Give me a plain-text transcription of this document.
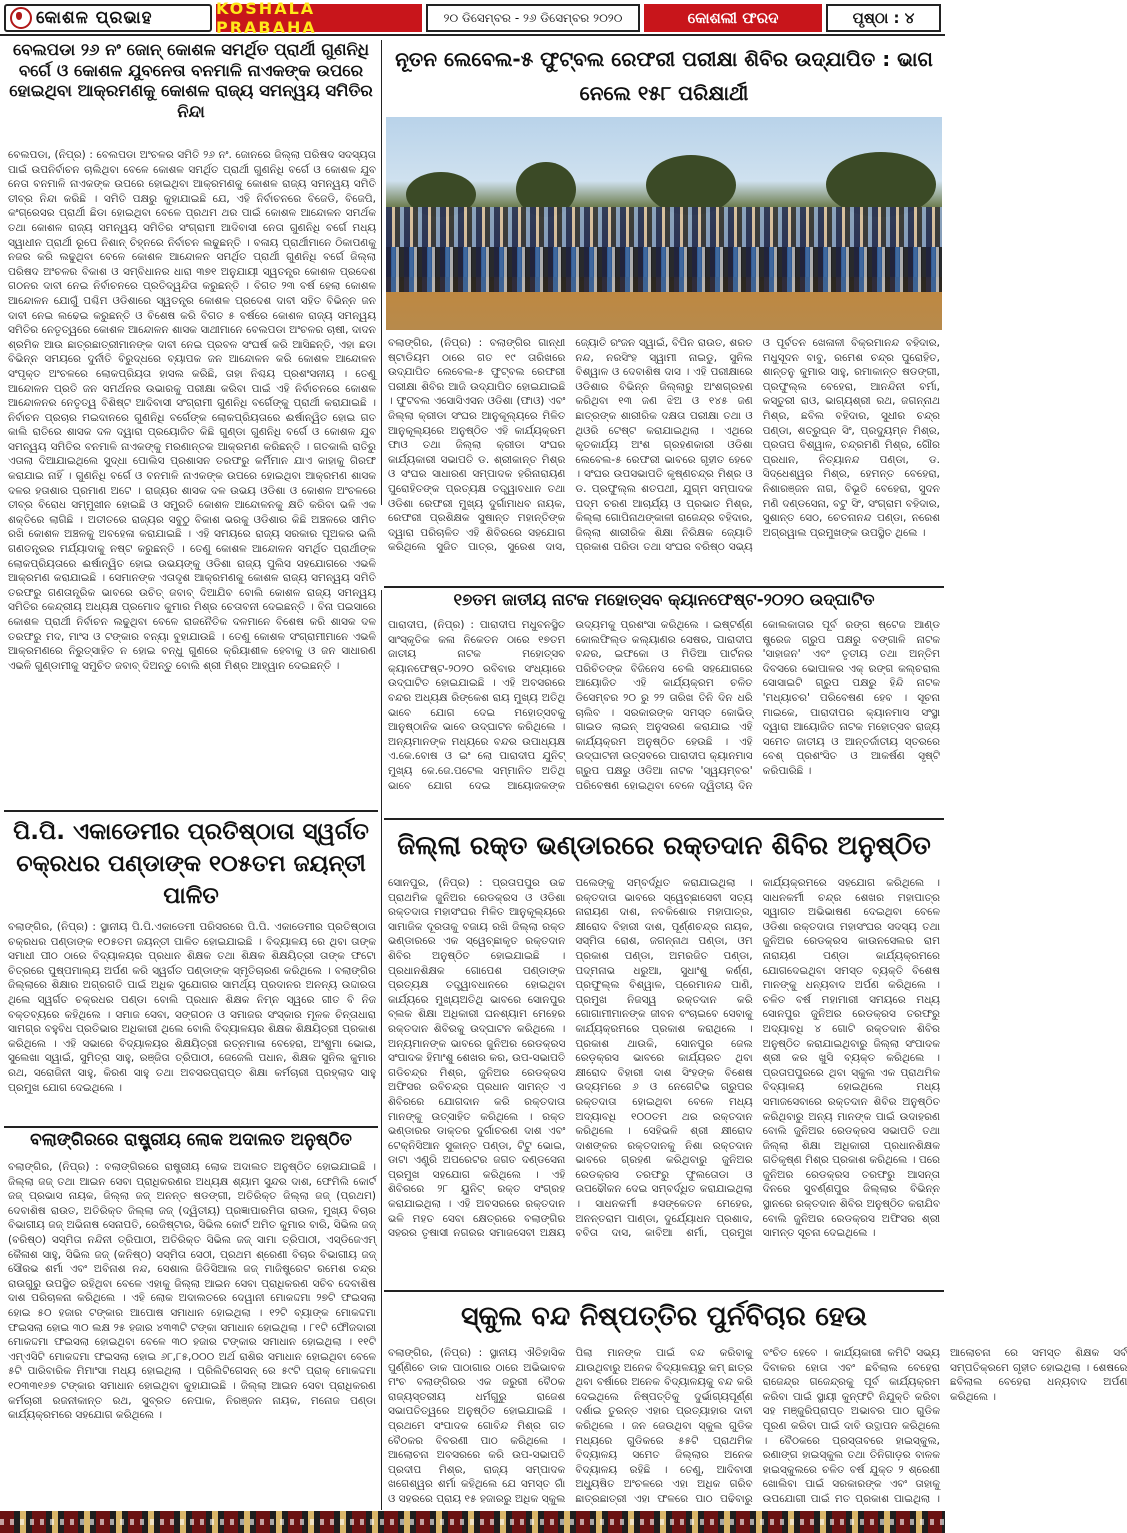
କୋଶଳ ପ୍ରଭାହ	KOSHALA PRABAHA
୨୦ ଡିସେମ୍ବର - ୨୬ ଡିସେମ୍ବର ୨୦୨୦	କୋଶଲୀ ଫରଦ	ପୃଷ୍ଠା : ୪
ବେଲପଡା ୨୬ ନଂ ଜୋନ୍ କୋଶଳ ସମର୍ଥିତ ପ୍ରାର୍ଥୀ ଗୁଣନିଧି ବର୍ଗେ ଓ କୋଶଳ ଯୁବନେତା ବନମାଳି ନାଏକଙ୍କ ଉପରେ ହୋଇଥିବା ଆକ୍ରମଣକୁ କୋଶଳ ରାଜ୍ୟ ସମନ୍ୱୟ ସମିତିର ନିନ୍ଦା
ବେଲପଡା, (ନିପ୍ର) : ବେଲପଡା ଅଂଚଳର ସମିତି ୨୬ ନଂ. ଜୋନରେ ଜିଲ୍ଲା ପରିଷଦ ସଦସ୍ୟତା ପାଇଁ ଉପନିର୍ବାଚନ ଚାଲିଥିବା ବେଳେ କୋଶଳ ସମର୍ଥିତ ପ୍ରାର୍ଥୀ ଗୁଣନିଧି ବର୍ଗେ ଓ କୋଶଳ ଯୁବ ନେତା ବନମାଳି ନାଏକଙ୍କ ଉପରେ ହୋଇଥିବା ଆକ୍ରମଣକୁ କୋଶଳ ରାଜ୍ୟ ସମନ୍ୱୟ ସମିତି ତୀବ୍ର ନିନ୍ଦା କରିଛି । ସମିତି ପକ୍ଷରୁ କୁହାଯାଇଛି ଯେ, ଏହି ନିର୍ବାଚନରେ ବିଜେଡି, ବିଜେପି, କଂଗ୍ରେସର ପ୍ରାର୍ଥୀ ଛିଡା ହୋଇଥିବା ବେଳେ ପ୍ରଥମ ଥର ପାଇଁ କୋଶଳ ଆନ୍ଦୋଳନ ସମର୍ଥକ ତଥା କୋଶଳ ରାଜ୍ୟ ସମନ୍ୱୟ ସମିତିର ସଂଗ୍ରାମୀ ଆଦିବାସୀ ନେତା ଗୁଣନିଧି ବର୍ଗେ ମଧ୍ୟ ସ୍ୱାଧୀନ ପ୍ରାର୍ଥୀ ରୂପେ ନିଶାନ୍ ଚିହ୍ନରେ ନିର୍ବାଚନ ଲଢୁଛନ୍ତି । ବଳାୟ ପ୍ରାର୍ଥୀମାନେ ଠିକାପଣକୁ ନଜର କରି ଲଢୁଥିବା ବେଳେ କୋଶଳ ଆନ୍ଦୋଳନ ସମର୍ଥିତ ପ୍ରାର୍ଥୀ ଗୁଣନିଧି ବର୍ଗେ ଜିଲ୍ଲା ପରିଷଦ ଅଂଚଳର ବିକାଶ ଓ ସମ୍ବିଧାନର ଧାରା ୩୭୧ ଅନୁଯାୟୀ ସ୍ୱତନ୍ତ୍ର କୋଶଳ ପ୍ରଦେଶ ଗଠନର ଦାବୀ ନେଇ ନିର୍ବାଚନରେ ପ୍ରତିଦ୍ୱନ୍ଦିତା କରୁଛନ୍ତି । ବିଗତ ୨୩ ବର୍ଷ ହେଲା କୋଶଳ ଆନ୍ଦୋଳନ ଯୋଗୁଁ ପଶ୍ଚିମ ଓଡିଶାରେ ସ୍ୱତନ୍ତ୍ର କୋଶଳ ପ୍ରଦେଶ ଦାବୀ ସହିତ ବିଭିନ୍ନ ଜନ ଦାବୀ ନେଇ ଲଢେଇ କରୁଛନ୍ତି ଓ ବିଶେଷ କରି ବିଗତ ୫ ବର୍ଷରେ କୋଶଳ ରାଜ୍ୟ ସମନ୍ୱୟ ସମିତିର ନେତୃତ୍ୱରେ କୋଶଳ ଆନ୍ଦୋଳନ ଶାସକ ସାଥୀମାନେ ବେଲପଡା ଅଂଚଳର ଚାଷୀ, ଦାଦନ ଶ୍ରମିକ ଆଉ ଛାତ୍ରଛାତ୍ରୀମାନଙ୍କ ଦାବୀ ନେଇ ପ୍ରବଳ ସଂଘର୍ଷ କରି ଆସିଛନ୍ତି, ଏହା ଛଡା ବିଭିନ୍ନ ସମୟରେ ଦୁର୍ନୀତି ବିରୁଦ୍ଧରେ ବ୍ୟାପକ ଜନ ଆନ୍ଦୋଳନ କରି କୋଶଳ ଆନ୍ଦୋଳନ ସଂପୃକ୍ତ ଅଂଚଳରେ ଲୋକପ୍ରିୟତା ହାସଲ କରିଛି, ତାହା ନିଶ୍ଚୟ ପ୍ରଶଂସନୀୟ । ତେଣୁ ଆନ୍ଦୋଳନ ପ୍ରତି ଜନ ସମର୍ଥନର ଉଭାରକୁ ପରୀକ୍ଷା କରିବା ପାଇଁ ଏହି ନିର୍ବାଚନରେ କୋଶଳ ଆନ୍ଦୋଳନର ନେତୃତ୍ୱ ବିଶିଷ୍ଟ ଆଦିବାସୀ ସଂଗ୍ରାମୀ ଗୁଣନିଧି ବର୍ଗେଙ୍କୁ ପ୍ରାର୍ଥୀ କରାଯାଇଛି । ନିର୍ବାଚନ ପ୍ରଚାର ମଇଦାନରେ ଗୁଣନିଧି ବର୍ଗେଙ୍କ ଲୋକପ୍ରିୟତାରେ ଈର୍ଷାନ୍ୱିତ ହୋଇ ଗତ କାଲି ରାତିରେ ଶାସକ ଦଳ ଦ୍ୱାରା ପ୍ରୟୋଜିତ କିଛି ଗୁଣ୍ଡା ଗୁଣନିଧି ବର୍ଗେ ଓ କୋଶଳ ଯୁବ ସମନ୍ୱୟ ସମିତିର ବନମାଳି ନାଏକଙ୍କୁ ମରଣାନ୍ତକ ଆକ୍ରମଣ କରିଛନ୍ତି । ଗତକାଲି ରାତିରୁ ଏତାଲା ଦିଆଯାଇଥିଲେ ସୁଦ୍ଧା ପୋଲିସ ପ୍ରଶାସନ ତରଫରୁ କର୍ମିମାନ ଯାଏ କାହାକୁ ଗିରଫ କରାଯାଇ ନାହିଁ । ଗୁଣନିଧି ବର୍ଗେ ଓ ବନମାଳି ନାଏକଙ୍କ ଉପରେ ହୋଇଥିବା ଆକ୍ରମଣ ଶାସକ ଦଳର ହତାଶାର ପ୍ରମାଣ ଅଟେ । ରାଜ୍ୟର ଶାସକ ଦଳ ଉଭୟ ଓଡିଶା ଓ କୋଶଳ ଅଂଚଳରେ ତୀବ୍ର ବିରୋଧ ସମ୍ମୁଖୀନ ହୋଇଛି ଓ ସମ୍ପ୍ରତି କୋଶଳ ଆନ୍ଦୋଳନକୁ କ୍ଷତି କରିବା ଭଳି ଏକ ଶକ୍ତିରେ ଲାଗିଛି । ଅତୀତରେ ରାଜ୍ୟର ସବୁଠୁ ବିକାଶ ଭରକୁ ଓଡିଶାର କିଛି ଅଞ୍ଚଳରେ ସୀମିତ ରଖି କୋଶଳ ଅଞ୍ଚଳକୁ ଅବହେଳା କରାଯାଇଛି । ଏହି ସମୟରେ ରାଜ୍ୟ ସରକାର ପୂଅକର ଭଲି ଗଣତନ୍ତ୍ରର ମର୍ଯ୍ୟାଦାକୁ ନଷ୍ଟ କରୁଛନ୍ତି । ତେଣୁ କୋଶଳ ଆନ୍ଦୋଳନ ସମର୍ଥିତ ପ୍ରାର୍ଥୀଙ୍କ ଲୋକପ୍ରିୟତାରେ ଈର୍ଷାନ୍ୱିତ ହୋଇ ଉଭୟଙ୍କୁ ଓଡିଶା ରାଜ୍ୟ ପୁଲିସ ସହଯୋଗରେ ଏଭଳି ଆକ୍ରମଣ କରାଯାଇଛି । ସେମାନଙ୍କ ଏତାଦୃଶ ଆକ୍ରମଣକୁ କୋଶଳ ରାଜ୍ୟ ସମନ୍ୱୟ ସମିତି ତରଫରୁ ଗଣତାନ୍ତ୍ରିକ ଭାବରେ ଉଚିତ୍ ଜବାବ୍ ଦିଆଯିବ ବୋଲି କୋଶଳ ରାଜ୍ୟ ସମନ୍ୱୟ ସମିତିର କେନ୍ଦ୍ରୀୟ ଅଧ୍ୟକ୍ଷ ପ୍ରମୋଦ କୁମାର ମିଶ୍ର ଚେତାବନୀ ଦେଇଛନ୍ତି । ବିନା ପଇସାରେ କୋଶଳ ପ୍ରାର୍ଥୀ ନିର୍ବାଚନ ଲଢୁଥିବା ବେଳେ ରାଜନୈତିକ ଦଳମାନେ ବିଶେଷ କରି ଶାସକ ଦଳ ତରଫରୁ ମଦ, ମାଂସ ଓ ଟଙ୍କାର ବନ୍ୟା ବୁହାଯାଉଛି । ତେଣୁ କୋଶଳ ସଂଗ୍ରାମୀମାନେ ଏଭଳି ଆକ୍ରମଣରେ ନିରୁତ୍ସାହିତ ନ ହୋଇ ବନ୍ଧୁ ଗୁଣରେ କ୍ରିୟାଶୀଳ ହେବାକୁ ଓ ଜନ ସାଧାରଣ ଏଭଳି ଗୁଣ୍ଡାମୀକୁ ସମୁଚିତ ଜବାବ୍ ଦିଅନ୍ତୁ ବୋଲି ଶ୍ରୀ ମିଶ୍ର ଆହ୍ୱାନ ଦେଇଛନ୍ତି ।
ପି.ପି. ଏକାଡେମୀର ପ୍ରତିଷ୍ଠାତା ସ୍ୱର୍ଗତ ଚକ୍ରଧର ପଣ୍ଡାଙ୍କ ୧୦୫ତମ ଜୟନ୍ତୀ ପାଳିତ
ବଲାଙ୍ଗିର, (ନିପ୍ର) : ସ୍ଥାନୀୟ ପି.ପି.ଏକାଡେମୀ ପରିସରରେ ପି.ପି. ଏକାଡେମୀର ପ୍ରତିଷ୍ଠାତା ଚକ୍ରଧର ପଣ୍ଡାଙ୍କ ୧୦୫ତମ ଜୟନ୍ତୀ ପାଳିତ ହୋଇଯାଇଛି । ବିଦ୍ୟାଳୟ ରେ ଥିବା ତାଙ୍କ ସମାଧୀ ପୀଠ ଠାରେ ବିଦ୍ୟାଳୟର ପ୍ରଧାନ ଶିକ୍ଷକ ତଥା ଶିକ୍ଷକ ଶିକ୍ଷୟିତ୍ରୀ ତାଙ୍କ ଫଟୋ ଚିତ୍ରରେ ପୁଷ୍ପମାଲ୍ୟ ଅର୍ପଣ କରି ସ୍ୱର୍ଗତ ପଣ୍ଡାଙ୍କ ସ୍ମୃତିଚାରଣ କରିଥିଲେ । ବଲାଙ୍ଗିର ଜିଲ୍ଲାରେ ଶିକ୍ଷାର ଅଗ୍ରଗତି ପାଇଁ ଅଧିକ ସୁଯୋଗର ସାମର୍ଥ୍ୟ ପ୍ରଦାନର ଅନନ୍ୟ ଉଦ୍ଦାରତା ଥିଲେ ସ୍ୱର୍ଗତ ଚକ୍ରଧର ପଣ୍ଡା ବୋଲି ପ୍ରଧାନ ଶିକ୍ଷକ ନିମ୍ନ ସ୍ୱରେ ଗୀତ ବି ନିଜ ବକ୍ତବ୍ୟରେ କହିଥିଲେ । ସମାଜ ସେବା, ସଙ୍ଗଠନ ଓ ସମାଜର ସଂସ୍କାର ମୂଳକ ଚିନ୍ତାଧାରା ସାମଗ୍ର ବହୁବିଧ ପ୍ରତିଭାର ଅଧିକାରୀ ଥିଲେ ବୋଲି ବିଦ୍ୟାଳୟର ଶିକ୍ଷକ ଶିକ୍ଷୟିତ୍ରୀ ପ୍ରକାଶ କରିଥିଲେ । ଏହି ସଭାରେ ବିଦ୍ୟାଳୟର ଶିକ୍ଷୟିତ୍ରୀ ରତ୍ନମାଳା ବେହେରା, ଅଂଶୁମା ଭୋଇ, ସୁଲେଖା ସ୍ୱାଇଁ, ସୁମିତ୍ରା ସାହୁ, ରଞ୍ଜିତା ତ୍ରିପାଠୀ, ଜେଜେଲି ପଧାନ, ଶିକ୍ଷକ ସୁନିଲ କୁମାର ରଥ, ସରୋଜିନୀ ସାହୁ, କିରଣ ସାହୁ ତଥା ଅବସରପ୍ରାପ୍ତ ଶିକ୍ଷା କର୍ମଚାରୀ ପ୍ରହ୍ଲାଦ ସାହୁ ପ୍ରମୁଖ ଯୋଗ ଦେଇଥିଲେ ।
ବଲାଙ୍ଗିରରେ ରାଷ୍ଟ୍ରୀୟ ଲୋକ ଅଦାଲତ ଅନୁଷ୍ଠିତ
ବଲାଙ୍ଗିର, (ନିପ୍ର) : ବଲାଙ୍ଗିରରେ ରାଷ୍ଟ୍ରୀୟ ଲୋକ ଅଦାଲତ ଅନୁଷ୍ଠିତ ହୋଇଯାଇଛି । ଜିଲ୍ଲା ଜଜ୍ ତଥା ଆଇନ ସେବା ପ୍ରାଧିକରଣର ଅଧ୍ୟକ୍ଷ ଶ୍ୟାମ ସୁନ୍ଦର ଦାଶ, ଫେମିଲି କୋର୍ଟ ଜଜ୍ ପ୍ରଭାସ ନାୟକ, ଜିଲ୍ଲା ଜଜ୍ ଅନନ୍ତ ଷଡଙ୍ଗୀ, ଅତିରିକ୍ତ ଜିଲ୍ଲା ଜଜ୍ (ପ୍ରଥମ) ଦେବାଶିଷ ରାଉତ, ଅତିରିକ୍ତ ଜିଲ୍ଲା ଜଜ୍ (ଦ୍ୱିତୀୟ) ପ୍ରଜ୍ଞାପାରମିତା ରାଉଳ, ମୁଖ୍ୟ ବିଚାର ବିଭାଗୀୟ ଜଜ୍ ଅଭିନାଷ ସେନାପତି, ରେଜିଷ୍ଟାର, ସିଭିଲ କୋର୍ଟ ଅମିତ କୁମାର ବାରି, ସିଭିଲ ଜଜ୍ (ବରିଷ୍ଠ) ସସ୍ମିତା ନନ୍ଦିନୀ ତ୍ରିପାଠୀ, ଅତିରିକ୍ତ ସିଭିଲ ଜଜ୍ ସାମା ତ୍ରିପାଠୀ, ଏସ୍ଡିଜେଏମ୍ କୈଳାଶ ସାହୁ, ସିଭିଲ ଜଜ୍ (କନିଷ୍ଠ) ସସ୍ମିତା ସେଠୀ, ପ୍ରଥମ ଶ୍ରେଣୀ ବିଚାର ବିଭାଗୀୟ ଜଜ୍ ସୌରଭ ଶର୍ମା ଏବଂ ଅବିନାଶ ନନ୍ଦ, ସେଶାଲ ଜିଡିସିଆଲ ଜଜ୍ ମାଜିଷ୍ଟ୍ରେଟ ରମେଶ ଚନ୍ଦ୍ର ରାଉଗୁରୁ ଉପସ୍ଥିତ ରହିଥିବା ବେଳେ ଏହାକୁ ଜିଲ୍ଲା ଆଇନ ସେବା ପ୍ରାଧିକରଣ ସଚିବ ଦେବାଶିଷ ଦାଶ ପରିଚାଳନା କରିଥିଲେ । ଏହି ଲୋକ ଅଦାଲତରେ ଦେୱାନୀ ମୋକଦ୍ଦମା ୨୭ଟି ଫଇସଲା ହୋଇ ୫୦ ହଜାର ଟଙ୍କାର ଆପୋଷ ସମାଧାନ ହୋଇଥିଲା । ୧୨ଟି ବ୍ୟାଙ୍କ ମୋକଦ୍ଦମା ଫଇସଲା ହୋଇ ୩୦ ଲକ୍ଷ ୨୫ ହଜାର ୪୩୩ଟି ଟଙ୍କା ସମାଧାନ ହୋଇଥିଲା । ୮୧ଟି ଫୌଜଦାରୀ ମୋକଦ୍ଦମା ଫଇସଲା ହୋଇଥିବା ବେଳେ ୩୦ ହଜାର ଟଙ୍କାର ସମାଧାନ ହୋଇଥିଲା । ୧୧ଟି ଏମ୍ଏସିଟି ମୋକଦ୍ଦମା ଫଇସଲା ହୋଇ ୬୮,୮୫,୦୦୦ ଅର୍ଥ ରାଶିର ସମାଧାନ ହୋଇଥିବା ବେଳେ ୫ଟି ପାରିବାରିକ ମିମାଂସା ମଧ୍ୟ ହୋଇଥିଲା । ପ୍ରିଲିଟିଗେସନ୍ ରେ ୫୯ଟି ପ୍ରାକ୍ ମୋକଦ୍ଦମା ୧୦୩୩୧୬୭ ଟଙ୍କାର ସମାଧାନ ହୋଇଥିବା କୁହାଯାଇଛି । ଜିଲ୍ଲା ଆଇନ ସେବା ପ୍ରାଧିକରଣ କର୍ମଚାରୀ ରଜନୀକାନ୍ତ ରଥ, ସୁବ୍ରତ ନେପାକ, ନିରଞ୍ଜନ ନାୟକ, ମନୋଜ ପଣ୍ଡା କାର୍ଯ୍ୟକ୍ରମରେ ସହଯୋଗ କରିଥିଲେ ।
ନୂତନ ଲେବେଲ-୫ ଫୁଟ୍‌ବଲ ରେଫରୀ ପରୀକ୍ଷା ଶିବିର ଉଦ୍‌ଯାପିତ : ଭାଗ ନେଲେ ୧୫୮ ପରିକ୍ଷାର୍ଥୀ
ବଲାଙ୍ଗିର, (ନିପ୍ର) : ବଲାଙ୍ଗିର ଗାନ୍ଧୀ ଷ୍ଟାଡିୟମ ଠାରେ ଗତ ୧୯ ତାରିଖରେ ଉଦ୍‌ଯାପିତ ଲେବେଲ-୫ ଫୁଟ୍‌ବଲ ରେଫରୀ ପରୀକ୍ଷା ଶିବିର ଆଜି ଉଦ୍‌ଯାପିତ ହୋଇଯାଇଛି । ଫୁଟବଲ ଏସୋସିଏସନ ଓଡିଶା (ଫାଓ) ଏବଂ ଜିଲ୍ଲା କ୍ରୀଡା ସଂଘର ଆନୁକୂଲ୍ୟରେ ମିଳିତ ଆନୁକୂଲ୍ୟରେ ଅନୁଷ୍ଠିତ ଏହି କାର୍ଯ୍ୟକ୍ରମ ଫାଓ ତଥା ଜିଲ୍ଲା କ୍ରୀଡା ସଂଘର କାର୍ଯ୍ୟକାରୀ ସଭାପତି ଡ. ଶ୍ରୀକାନ୍ତ ମିଶ୍ର ଓ ସଂଘର ସାଧାରଣ ସମ୍ପାଦକ ହରିନାରାୟଣ ପୁରୋହିତଙ୍କ ପ୍ରତ୍ୟକ୍ଷ ତତ୍ତ୍ୱାବଧାନ ତଥା ଓଡିଶା ରେଫରୀ ମୁଖ୍ୟ ଦୁର୍ଗାମାଧବ ନାୟକ, ରେଫରୀ ପ୍ରଶିକ୍ଷକ ସୁଷାନ୍ତ ମହାନ୍ତିଙ୍କ ଦ୍ୱାରା ପରିଚାଳିତ ଏହି ଶିବିରରେ ସହଯୋଗ କରିଥିଲେ ସୁଜିତ ପାତ୍ର, ସୁରେଶ ଦାସ, ଜ୍ୟୋତି ରଂଜନ ସ୍ୱାଇଁ, ବିପିନ ରାଉତ, ଶରତ ନନ୍ଦ, ନରସିଂହ ସ୍ୱାମୀ ନାଇଡୁ, ସୁନିଲ ବିଶ୍ୱାଳ ଓ ଦେବାଶିଷ ଦାସ । ଏହି ପରୀକ୍ଷାରେ ଓଡିଶାର ବିଭିନ୍ନ ଜିଲ୍ଲାରୁ ଅଂଶଗ୍ରହଣ କରିଥିବା ୧୩ ଜଣ ଝିଅ ଓ ୧୪୫ ଜଣ ଛାତ୍ରଙ୍କ ଶାରୀରିକ ଦକ୍ଷତା ପରୀକ୍ଷା ତଥା ଓ ଥିଓରି ଟେଷ୍ଟ କରାଯାଇଥିଲା । ଏଥିରେ କୃତକାର୍ଯ୍ୟ ଅଂଶ ଗ୍ରହଣକାରୀ ଓଡିଶା ଲେବେଲ-୫ ରେଫରୀ ଭାବରେ ଗୃହୀତ ହେବେ । ସଂଘର ଉପସଭାପତି କୃଷ୍ଣଚନ୍ଦ୍ର ମିଶ୍ର ଓ ଡ. ପ୍ରଫୁଲ୍ଲ ଶତପଥୀ, ଯୁଗ୍ମ ସମ୍ପାଦକ ପଦ୍ମ ଚରଣ ଆଚାର୍ଯ୍ୟ ଓ ପ୍ରଭାତ ମିଶ୍ର, କିଲ୍ଲା ଗୋପିନାଥଙ୍କାଳୀ ରାଜେନ୍ଦ୍ର ବହିଦାର, ଜିଲ୍ଲା ଶାରୀରିକ ଶିକ୍ଷା ନିରିକ୍ଷକ ଜ୍ୟୋତି ପ୍ରକାଶ ପରିଡା ତଥା ସଂଘର ବରିଷ୍ଠ ସଭ୍ୟ ଓ ପୂର୍ବତନ ଖେଳାଳୀ ବିକ୍ରମାନନ୍ଦ ବହିଦାର, ମଧୁସୂଦନ ବାବୁ, ରମେଶ ଚନ୍ଦ୍ର ପୁରୋହିତ, ଶାନ୍ତନୁ କୁମାର ସାହୁ, ରମାକାନ୍ତ ଷଡଙ୍ଗୀ, ପ୍ରଫୁଲ୍ଲ ବେହେରା, ଆନନ୍ଦିନୀ ବର୍ମା, କସ୍ତୁରୀ ରାଓ, ଭାଗ୍ୟଶ୍ରୀ ରଥ, ଜଗନ୍ନାଥ ମିଶ୍ର, ଛବିଲ ବହିଦାର, ସୁଧୀର ଚନ୍ଦ୍ର ପଣ୍ଡା, ଶତ୍ରୁଘ୍ନ ସିଂ, ପ୍ରଦ୍ୟୁମ୍ନ ମିଶ୍ର, ପ୍ରତାପ ବିଶ୍ୱାଳ, ଚନ୍ଦ୍ରମଣି ମିଶ୍ର, ଗୌର ପ୍ରଧାନ, ନିତ୍ୟାନନ୍ଦ ପଣ୍ଡା, ଡ. ସିଦ୍ଧେଶ୍ୱର ମିଶ୍ର, ହେମନ୍ତ ବେହେରା, ନିଶାରଞ୍ଜନ ନାଗ, ବିଭୂତି ବେହେରା, ସୁଦନ ମଣି ଦଣ୍ଡସେନା, ବଟୁ ସିଂ, ସଂଗ୍ରାମ ବହିଦାର, ସୁଶାନ୍ତ ସେଠ, ଚେତନାନନ୍ଦ ପଣ୍ଡା, ନରେଶ ଅଗ୍ରୱାଲ ପ୍ରମୁଖଙ୍କ ଉପସ୍ଥିତ ଥିଲେ ।
୧୭ତମ ଜାତୀୟ ନାଟକ ମହୋତ୍ସବ କ୍ୟାନଫେଷ୍ଟ-୨୦୨୦ ଉଦ୍‌ଘାଟିତ
ପାରାଦୀପ, (ନିପ୍ର) : ପାରାଦୀପ ମଧୁବନସ୍ଥିତ ସାଂସ୍କୃତିକ କଳା ନିକେତନ ଠାରେ ୧୭ତମ ଜାତୀୟ ନାଟକ ମହୋତ୍ସବ କ୍ୟାନଫେଷ୍ଟ-୨୦୨୦ ରବିବାର ସଂଧ୍ୟାରେ ଉଦ୍‌ଘାଟିତ ହୋଇଯାଇଛି । ଏହି ଅବସରରେ ବନ୍ଦର ଅଧ୍ୟକ୍ଷ ରିଙ୍କେଶ ରାୟ ମୁଖ୍ୟ ଅତିଥି ଭାବେ ଯୋଗ ଦେଇ ମହୋତ୍ସବକୁ ଆନୁଷ୍ଠାନିକ ଭାବେ ଉଦ୍‌ଘାଟନ କରିଥିଲେ । ଅନ୍ୟମାନଙ୍କ ମଧ୍ୟରେ ବନ୍ଦର ଉପାଧ୍ୟକ୍ଷ ଏ.କେ.ବୋଷ ଓ ଇଂ ଲୋ ପାରାଦୀପ ଯୁନିଟ୍ ମୁଖ୍ୟ କେ.ଜେ.ପଟେଲ ସମ୍ମାନିତ ଅତିଥି ଭାବେ ଯୋଗ ଦେଇ ଆୟୋଜକଙ୍କ ଉଦ୍ୟମକୁ ପ୍ରଶଂସା କରିଥିଲେ । ଇଷ୍ଟର୍ଣ୍ଣ କୋଲଫିଲ୍ଡ କଲ୍ୟାଣର ସେଷର, ପାରାଦୀପ ବନ୍ଦର, ଇଫକୋ ଓ ମିଡିଆ ପାର୍ଟନର ପରିଚିତଙ୍କ ବିଜିନେସ ଚେଲି ସହଯୋଗରେ ଆୟୋଜିତ ଏହି କାର୍ଯ୍ୟକ୍ରମ ଚଳିତ ଡିସେମ୍ବର ୨୦ ରୁ ୨୨ ତାରିଖ ତିନି ଦିନ ଧରି ଚାଲିବ । ସରକାରଙ୍କ ସମସ୍ତ କୋଭିଡ୍ ଗାଇଡ ଲାଇନ୍ ଅନୁସରଣ କରାଯାଇ ଏହି କାର୍ଯ୍ୟକ୍ରମ ଅନୁଷ୍ଠିତ ହେଉଛି । ଏହି ଉଦ୍‌ଘାଟନୀ ଉତ୍ସବରେ ପାରାଦୀପ କ୍ୟାନମାସ ଗ୍ରୁପ ପକ୍ଷରୁ ଓଡିଆ ନାଟକ 'ସ୍ୱୟମ୍ବର' ପରିବେଷଣ ହୋଇଥିବା ବେଳେ ଦ୍ୱିତୀୟ ଦିନ କୋଲକାତାର ପୂର୍ବ ରଙ୍ଗ ଷ୍ଟେଜ ଆଣ୍ଡ ଷ୍ଟ୍ରେଜ ଗ୍ରୁପ ପକ୍ଷରୁ ବଙ୍ଗାଳି ନାଟକ 'ସାହାଜନ' ଏବଂ ତୃତୀୟ ତଥା ଅନ୍ତିମ ଦିବସରେ ଭୋପାଳର ଏକ୍ ରଙ୍ଗ କଲ୍‌ଚରାଲ ସୋସାଇଟି ଗ୍ରୁପ ପକ୍ଷରୁ ହିନ୍ଦି ନାଟକ 'ମଧ୍ୟାଚର' ପରିବେଷଣ ହେବ । ସୂଚନା ମାଇକେ, ପାରାଦୀପର କ୍ୟାନମାସ ସଂସ୍ଥା ଦ୍ୱାରା ଆୟୋଜିତ ନାଟକ ମହୋତ୍ସବ ରାଜ୍ୟ ସମେତ ଜାତୀୟ ଓ ଆନ୍ତର୍ଜାତୀୟ ସ୍ତରରେ ବେଶ୍ ପ୍ରଶଂସିତ ଓ ଆକର୍ଷଣ ସୃଷ୍ଟି କରିପାରିଛି ।
ଜିଲ୍ଲା ରକ୍ତ ଭଣ୍ଡାରରେ ରକ୍ତଦାନ ଶିବିର ଅନୁଷ୍ଠିତ
ସୋନପୁର, (ନିପ୍ର) : ପ୍ରତାପପୁର ଉଚ୍ଚ ପ୍ରାଥମିକ ଜୁନିଅର ରେଡକ୍ରସ ଓ ଓଡିଶା ରକ୍ତଦାତା ମହାସଂଘର ମିଳିତ ଆନୁକୂଲ୍ୟରେ ସାମାଜିକ ଦୂରତାକୁ ବଜାୟ ରଖି ଜିଲ୍ଲା ରକ୍ତ ଭଣ୍ଡାରରେ ଏକ ସ୍ୱେଚ୍ଛାକୃତ ରକ୍ତଦାନ ଶିବିର ଅନୁଷ୍ଠିତ ହୋଇଯାଇଛି । ପ୍ରଧାନଶିକ୍ଷକ ଗୋପେଶ ପଣ୍ଡାଙ୍କ ପ୍ରତ୍ୟକ୍ଷ ତତ୍ତ୍ୱାବଧାନରେ ହୋଇଥିବା କାର୍ଯ୍ୟରେ ମୁଖ୍ୟଅତିଥି ଭାବରେ ସୋନପୁର ବ୍ଲକ ଶିକ୍ଷା ଅଧିକାରୀ ଘନଶ୍ୟାମ ମେହେର ରକ୍ତଦାନ ଶିବିରକୁ ଉଦ୍‌ଘାଟନ କରିଥିଲେ । ଅନ୍ୟମାନଙ୍କ ଭାବରେ ଜୁନିଅର ରେଡକ୍ରସ ସଂପାଦକ ହିମାଂଶୁ ଶେଖର କର, ଉପ-ସଭାପତି ଗଡିଚନ୍ଦ୍ର ମିଶ୍ର, ଜୁନିଅର ରେଡକ୍ରସ ଅଫିସର ରବିଚନ୍ଦ୍ର ପ୍ରଧାନ ସାମନ୍ତ ଏ ଶିବିରରେ ଯୋଗଦାନ କରି ରକ୍ତଦାତା ମାନଙ୍କୁ ଉତ୍ସାହିତ କରିଥିଲେ । ରକ୍ତ ଭଣ୍ଡାରର ଡାକ୍ତର ଦୁର୍ଗାଚରଣ ଦାଶ ଏବଂ ଟେକ୍ନିସିଆନ ସୁକାନ୍ତ ପଣ୍ଡା, ଟିଟୁ ଭୋଇ, ଡାଟା ଏଣ୍ଟ୍ରି ଅପରେଟର ଜଗତ ଦଣ୍ଡସେନା ପ୍ରମୁଖ ସହଯୋଗ କରିଥିଲେ । ଏହି ଶିବିରରେ ୨୮ ୟୁନିଟ୍ ରକ୍ତ ସଂଗ୍ରହ କରାଯାଇଥିଲା । ଏହି ଅବସରରେ ରକ୍ତଦାନ ଭଳି ମହତ ସେବା କ୍ଷେତ୍ରରେ ବଲାଙ୍ଗିର ସହରର ତୃଷାସୀ ନଗରର ସମାଜସେବୀ ଅକ୍ଷୟ ପଲେଙ୍କୁ ସମ୍ବର୍ଦ୍ଧିତ କରାଯାଇଥିଲା । ରକ୍ତଦାତା ଭାବରେ ସ୍ୱେଚ୍ଛାସେବୀ ସତ୍ୟ ନାରାୟଣ ଦାଶ, ନବକିଶୋର ମହାପାତ୍ର, କ୍ଷୀରୋଦ ବିହାରୀ ଦାଶ, ପୂର୍ଣ୍ଣଚନ୍ଦ୍ର ନାୟକ, ସସ୍ମିତା ରୋଶ, ଜଗନ୍ନାଥ ପଣ୍ଡା, ଓମ ପ୍ରକାଶ ପଣ୍ଡା, ଅମରଜିତ ପଣ୍ଡା, ପଦ୍ମନାଭ ଧରୁଆ, ସୁଧାଂଶୁ କର୍ଣ୍ଣ, ପ୍ରଫୁଲ୍ଲ ବିଶ୍ୱାଳ, ପ୍ରେମାନନ୍ଦ ପାଣି, ପ୍ରମୁଖ ନିଜସ୍ୱ ରକ୍ତଦାନ କରି ଗୋଗାମୀମାନଙ୍କ ଜୀବନ ବଂଚାଇବେ ସେବାକୁ କାର୍ଯ୍ୟକ୍ରମରେ ପ୍ରକାଶ କରାଥିଲେ । ପ୍ରକାଶ ଥାଉକି, ସୋନପୁର ଜେଲ ରେଡ଼କ୍ରସ ଭାବରେ କାର୍ଯ୍ୟରତ ଥିବା କ୍ଷୀରୋଦ ବିହାରୀ ଦାଶ ସିଂହଙ୍କ ବିଶେଷ ଉଦ୍ୟମରେ ୬ ଓ ନେଗେଟିଭ ଗ୍ରୁପର ରକ୍ତଦାତା ହୋଇଥିବା ବେଳେ ମଧ୍ୟ ଅଦ୍ୟାବଧି ୧୦୦ତମ ଥର ରକ୍ତଦାନ କରିଥିଲେ । ସେହିଭଳି ଶ୍ରୀ କ୍ଷୀରୋଦ ଦାଶଙ୍କର ରକ୍ତଦାନକୁ ନିଶା ରକ୍ତଦାନ ଭାବରେ ଗ୍ରହଣ କରିଥିବାରୁ ଜୁନିଅର ରେଡକ୍ରସ ତରଫରୁ ଫୁଲତୋଡା ଓ ଉପଢୌକନ ଦେଇ ସମ୍ବର୍ଦ୍ଧିତ କରାଯାଇଥିଲା । ସାଧନକର୍ମୀ ୫ସଙ୍କେତନ ମେହେର, ଅନନ୍ତରାମ ପାଣ୍ଡା, ଦୁର୍ଯ୍ୟୋଧନ ପ୍ରଶାଦ, ବବିତା ଦାସ, କାବିଆ ଶର୍ମା, ପ୍ରମୁଖ କାର୍ଯ୍ୟକ୍ରମରେ ସହଯୋଗ କରିଥିଲେ । ସାଧନକର୍ମୀ ଚନ୍ଦ୍ର ଶେଖର ମହାପାତ୍ର ସ୍ୱାଗତ ଅଭିଭାଷଣ ଦେଇଥିବା ବେଳେ ଓଡିଶା ରକ୍ତଦାତା ମହାସଂଘର ସଦସ୍ୟ ତଥା ଜୁନିଅର ରେଡକ୍ରସ କାଉନସେଲର ରାମ ନାରାୟଣ ପଣ୍ଡା କାର୍ଯ୍ୟକ୍ରମରେ ଯୋଗଦେଇଥିବା ସମସ୍ତ ବ୍ୟକ୍ତି ବିଶେଷ ମାନଙ୍କୁ ଧନ୍ୟବାଦ ଅର୍ପଣ କରିଥିଲେ । ଚଳିତ ବର୍ଷ ମହାମାରୀ ସମୟରେ ମଧ୍ୟ ସୋନପୁର ଜୁନିଅର ରେଡକ୍ରସ ତରଫରୁ ଅଦ୍ୟାବଧି ୪ ଗୋଟି ରକ୍ତଦାନ ଶିବିର ଅନୁଷ୍ଠିତ କରାଯାଇଥିବାରୁ ଜିଲ୍ଲା ସଂପାଦକ ଶ୍ରୀ କର ଖୁସି ବ୍ୟକ୍ତ କରିଥିଲେ । ପ୍ରତାପପୁରରେ ଥିବା ସ୍କୁଲ ଏକ ପ୍ରାଥମିକ ବିଦ୍ୟାଳୟ ହୋଇଥିଲେ ମଧ୍ୟ ସମାଜସେବାରେ ରକ୍ତଦାନ ଶିବିର ଅନୁଷ୍ଠିତ କରିଥିବାରୁ ଅନ୍ୟ ମାନଙ୍କ ପାଇଁ ଉଦାହରଣ ବୋଲି ଜୁନିଅର ରେଡକ୍ରସ ସଭାପତି ତଥା ଜିଲ୍ଲା ଶିକ୍ଷା ଅଧିକାରୀ ପ୍ରଧାନଶିକ୍ଷକ ଗତିକୃଷ୍ଣ ମିଶ୍ର ପ୍ରକାଶ କରିଥିଲେ । ପରେ ଜୁନିଅର ରେଡକ୍ରସ ତରଫରୁ ଆସନ୍ତା ଦିନରେ ସୁବର୍ଣ୍ଣପୁର ଜିଲ୍ଲାର ବିଭିନ୍ନ ସ୍ଥାନରେ ରକ୍ତଦାନ ଶିବିର ଅନୁଷ୍ଠିତ କରାଯିବ ବୋଲି ଜୁନିଅର ରେଡକ୍ରସ ଅଫିସର ଶ୍ରୀ ସାମନ୍ତ ସୂଚନା ଦେଇଥିଲେ ।
ସ୍କୁଲ ବନ୍ଦ ନିଷ୍ପତ୍ତିର ପୁର୍ନବିଚାର ହେଉ
ବଲାଙ୍ଗିର, (ନିପ୍ର) : ସ୍ଥାନୀୟ ଐତିହାସିକ ପୁର୍ଣ୍ଣିଚେ ଡାକ ପାଠାଗାର ଠାରେ ଅଭିଭାବକ ମଂଚ ବଲାଙ୍ଗିରର ଏକ ଜରୁରୀ ବୈଠକ ରାଜ୍ୟସ୍ତରୀୟ ଧର୍ମଗୁରୁ ରାଜେଶ ସଭାପତିତ୍ୱରେ ଅନୁଷ୍ଠିତ ହୋଇଯାଇଛି । ପ୍ରଥମେ ସଂପାଦକ ଗୋବିନ୍ଦ ମିଶ୍ର ଗତ ବୈଠକର ବିବରଣୀ ପାଠ କରିଥିଲେ । ଆଲୋଚନା ଅବସରରେ କରି ଉପ-ସଭାପତି ପ୍ରଦୀପ ମିଶ୍ର, ରାଜ୍ୟ ସମ୍ପାଦକ ଖଗେଶ୍ୱର ଶର୍ମା କହିଥିଲେ ଯେ ସମସ୍ତ ଗାଁ ଓ ସହରରେ ପ୍ରାୟ ୧୫ ହଜାରରୁ ଅଧିକ ସ୍କୁଲ ପିଲା ମାନଙ୍କ ପାଇଁ ବନ୍ଦ କରିବାକୁ ଯାଉଥିବାରୁ ଅନେକ ବିଦ୍ୟାଳୟରୁ କମ୍ ଛାତ୍ର ଥିବା ବର୍ଷାରେ ଅନେକ ବିଦ୍ୟାଳୟକୁ ବନ୍ଦ କରି ଦେଇଥିଲେ ନିଷ୍ପତ୍ତିକୁ ଦୁର୍ଭାଗ୍ୟପୂର୍ଣ୍ଣ ଦର୍ଶାଇ ତୁରନ୍ତ ଏହାର ପ୍ରତ୍ୟାହାର ଦାବୀ କରିଥିଲେ । ଜନ ଜେଉଥିବା ସ୍କୁଲ ଗୁଡିକ ମଧ୍ୟରେ ଗୁଡିକରେ ୫୫ଟି ପ୍ରାଥମିକ ବିଦ୍ୟାଳୟ ସମେତ ଜିଲ୍ଲାର ଅନେକ ବିଦ୍ୟାଳୟ ରହିଛି । ତେଣୁ, ଆଦିବାସୀ ଅଧ୍ୟୁଷିତ ଅଂଚଳରେ ଏହା ଅଧିକ ଗରିବ ଛାତ୍ରଛାତ୍ରୀ ଏହା ଫଳରେ ପାଠ ପଢିବାରୁ ବଂଚିତ ହେବେ । କାର୍ଯ୍ୟକାରୀ କମିଟି ସଭ୍ୟ ଦିବାକର ହୋତା ଏବଂ ଛବିଲାଲ ବେହେରା ରାଜେନ୍ଦ୍ର ଗଜେନ୍ଦ୍ରକୁ ପୂର୍ବ କାର୍ଯ୍ୟକ୍ରମ କରିବା ପାଇଁ ସ୍ଥାୟୀ କୁନ୍‌ଫଟି ନିଯୁକ୍ତି କରିବା ସହ ମଞ୍ଜୁରିପ୍ରାପ୍ତ ଅଭାବର ପାଠ ଗୁଡିକ ପୂରଣ କରିବା ପାଇଁ ଦାବି ଉତ୍ଥାପନ କରିଥିଲେ । ବୈଠକରେ ପ୍ରସ୍ତାବରେ ହାଇସ୍କୁଲ, ରଣାଙ୍ଗ ହାଇସ୍କୁଲ ତଥା ତିନିଗାଡ଼ର ବାଳକ ହାଇସ୍କୁଲରେ ଚଳିତ ବର୍ଷ ଯୁକ୍ତ ୨ ଶ୍ରେଣୀ ଖୋଲିବା ପାଇଁ ସରକାରଙ୍କ ଏବଂ ତାହାକୁ ଉପଯୋଗୀ ପାଇଁ ମତ ପ୍ରକାଶ ପାଇଥିଲା । ଆଲୋଚନା ରେ ସମସ୍ତ ଶିକ୍ଷକ ସର୍ବ ସମ୍ପତିକ୍ରମେ ଗୃହୀତ ହୋଇଥିଲା । ଶେଷରେ ଛବିଲାଲ ବେହେରା ଧନ୍ୟବାଦ ଅର୍ପଣ କରିଥିଲେ ।
